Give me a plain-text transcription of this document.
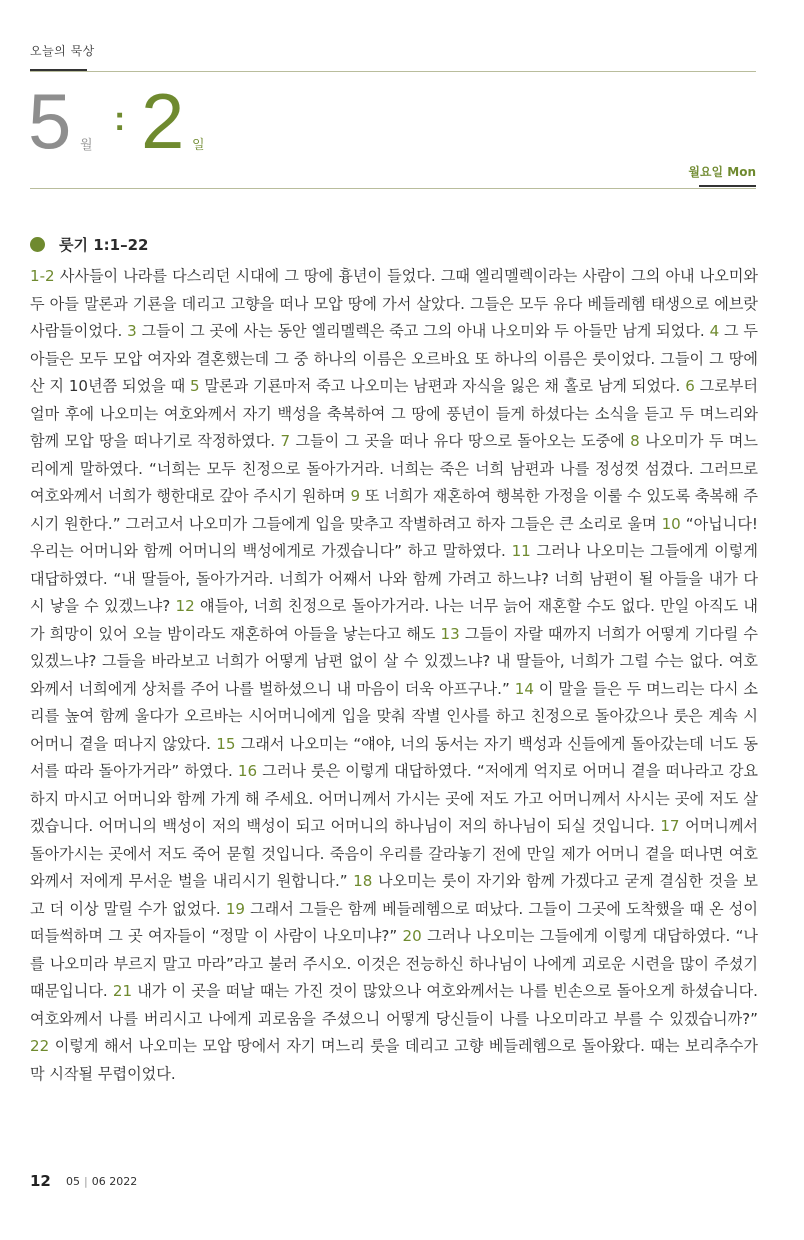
오늘의 묵상
5 월
: 2 일
월요일 Mon
룻기 1:1–22
1-2 사사들이 나라를 다스리던 시대에 그 땅에 흉년이 들었다. 그때 엘리멜렉이라는 사람이 그의 아내 나오미와 두 아들 말론과 기룐을 데리고 고향을 떠나 모압 땅에 가서 살았다. 그들은 모두 유다 베들레헴 태생으로 에브랏 사람들이었다. 3 그들이 그 곳에 사는 동안 엘리멜렉은 죽고 그의 아내 나오미와 두 아들만 남게 되었다. 4 그 두 아들은 모두 모압 여자와 결혼했는데 그 중 하나의 이름은 오르바요 또 하나의 이름은 룻이었다. 그들이 그 땅에 산 지 10년쯤 되었을 때 5 말론과 기룐마저 죽고 나오미는 남편과 자식을 잃은 채 홀로 남게 되었다. 6 그로부터 얼마 후에 나오미는 여호와께서 자기 백성을 축복하여 그 땅에 풍년이 들게 하셨다는 소식을 듣고 두 며느리와 함께 모압 땅을 떠나기로 작정하였다. 7 그들이 그 곳을 떠나 유다 땅으로 돌아오는 도중에 8 나오미가 두 며느리에게 말하였다. “너희는 모두 친정으로 돌아가거라. 너희는 죽은 너희 남편과 나를 정성껏 섬겼다. 그러므로 여호와께서 너희가 행한대로 갚아 주시기 원하며 9 또 너희가 재혼하여 행복한 가정을 이룰 수 있도록 축복해 주시기 원한다.” 그러고서 나오미가 그들에게 입을 맞추고 작별하려고 하자 그들은 큰 소리로 울며 10 “아닙니다! 우리는 어머니와 함께 어머니의 백성에게로 가겠습니다” 하고 말하였다. 11 그러나 나오미는 그들에게 이렇게 대답하였다. “내 딸들아, 돌아가거라. 너희가 어째서 나와 함께 가려고 하느냐? 너희 남편이 될 아들을 내가 다시 낳을 수 있겠느냐? 12 얘들아, 너희 친정으로 돌아가거라. 나는 너무 늙어 재혼할 수도 없다. 만일 아직도 내가 희망이 있어 오늘 밤이라도 재혼하여 아들을 낳는다고 해도 13 그들이 자랄 때까지 너희가 어떻게 기다릴 수 있겠느냐? 그들을 바라보고 너희가 어떻게 남편 없이 살 수 있겠느냐? 내 딸들아, 너희가 그럴 수는 없다. 여호와께서 너희에게 상처를 주어 나를 벌하셨으니 내 마음이 더욱 아프구나.” 14 이 말을 들은 두 며느리는 다시 소리를 높여 함께 울다가 오르바는 시어머니에게 입을 맞춰 작별 인사를 하고 친정으로 돌아갔으나 룻은 계속 시어머니 곁을 떠나지 않았다. 15 그래서 나오미는 “얘야, 너의 동서는 자기 백성과 신들에게 돌아갔는데 너도 동서를 따라 돌아가거라” 하였다. 16 그러나 룻은 이렇게 대답하였다. “저에게 억지로 어머니 곁을 떠나라고 강요하지 마시고 어머니와 함께 가게 해 주세요. 어머니께서 가시는 곳에 저도 가고 어머니께서 사시는 곳에 저도 살겠습니다. 어머니의 백성이 저의 백성이 되고 어머니의 하나님이 저의 하나님이 되실 것입니다. 17 어머니께서 돌아가시는 곳에서 저도 죽어 묻힐 것입니다. 죽음이 우리를 갈라놓기 전에 만일 제가 어머니 곁을 떠나면 여호와께서 저에게 무서운 벌을 내리시기 원합니다.” 18 나오미는 룻이 자기와 함께 가겠다고 굳게 결심한 것을 보고 더 이상 말릴 수가 없었다. 19 그래서 그들은 함께 베들레헴으로 떠났다. 그들이 그곳에 도착했을 때 온 성이 떠들썩하며 그 곳 여자들이 “정말 이 사람이 나오미냐?” 20 그러나 나오미는 그들에게 이렇게 대답하였다. “나를 나오미라 부르지 말고 마라”라고 불러 주시오. 이것은 전능하신 하나님이 나에게 괴로운 시련을 많이 주셨기 때문입니다. 21 내가 이 곳을 떠날 때는 가진 것이 많았으나 여호와께서는 나를 빈손으로 돌아오게 하셨습니다. 여호와께서 나를 버리시고 나에게 괴로움을 주셨으니 어떻게 당신들이 나를 나오미라고 부를 수 있겠습니까?” 22 이렇게 해서 나오미는 모압 땅에서 자기 며느리 룻을 데리고 고향 베들레헴으로 돌아왔다. 때는 보리추수가 막 시작될 무렵이었다.
12 05 | 06 2022
